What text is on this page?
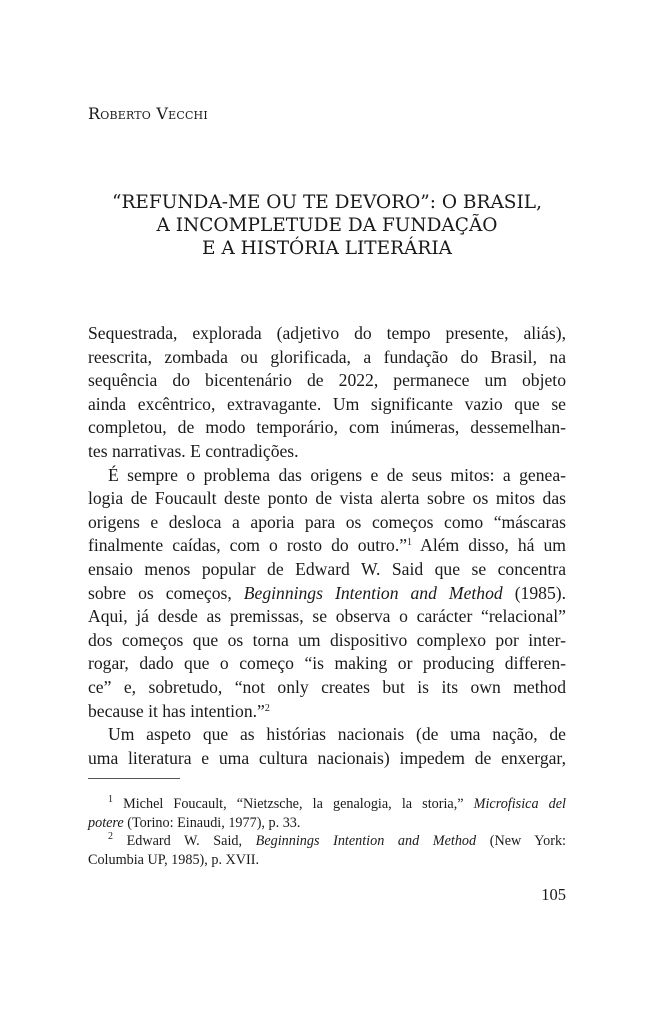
Roberto Vecchi
“REFUNDA-ME OU TE DEVORO”: O BRASIL,
A INCOMPLETUDE DA FUNDAÇÃO
E A HISTÓRIA LITERÁRIA
Sequestrada, explorada (adjetivo do tempo presente, aliás),
reescrita, zombada ou glorificada, a fundação do Brasil, na
sequência do bicentenário de 2022, permanece um objeto
ainda excêntrico, extravagante. Um significante vazio que se
completou, de modo temporário, com inúmeras, dessemelhan-
tes narrativas. E contradições.
É sempre o problema das origens e de seus mitos: a genea-
logia de Foucault deste ponto de vista alerta sobre os mitos das
origens e desloca a aporia para os começos como “máscaras
finalmente caídas, com o rosto do outro.”$^1$ Além disso, há um
ensaio menos popular de Edward W. Said que se concentra
sobre os começos, Beginnings Intention and Method (1985).
Aqui, já desde as premissas, se observa o carácter “relacional”
dos começos que os torna um dispositivo complexo por inter-
rogar, dado que o começo “is making or producing differen-
ce” e, sobretudo, “not only creates but is its own method
because it has intention.”$^2$
Um aspeto que as histórias nacionais (de uma nação, de
uma literatura e uma cultura nacionais) impedem de enxergar,
$^1$ Michel Foucault, “Nietzsche, la genalogia, la storia,” Microfisica del
potere (Torino: Einaudi, 1977), p. 33.
$^2$ Edward W. Said, Beginnings Intention and Method (New York:
Columbia UP, 1985), p. XVII.
105
